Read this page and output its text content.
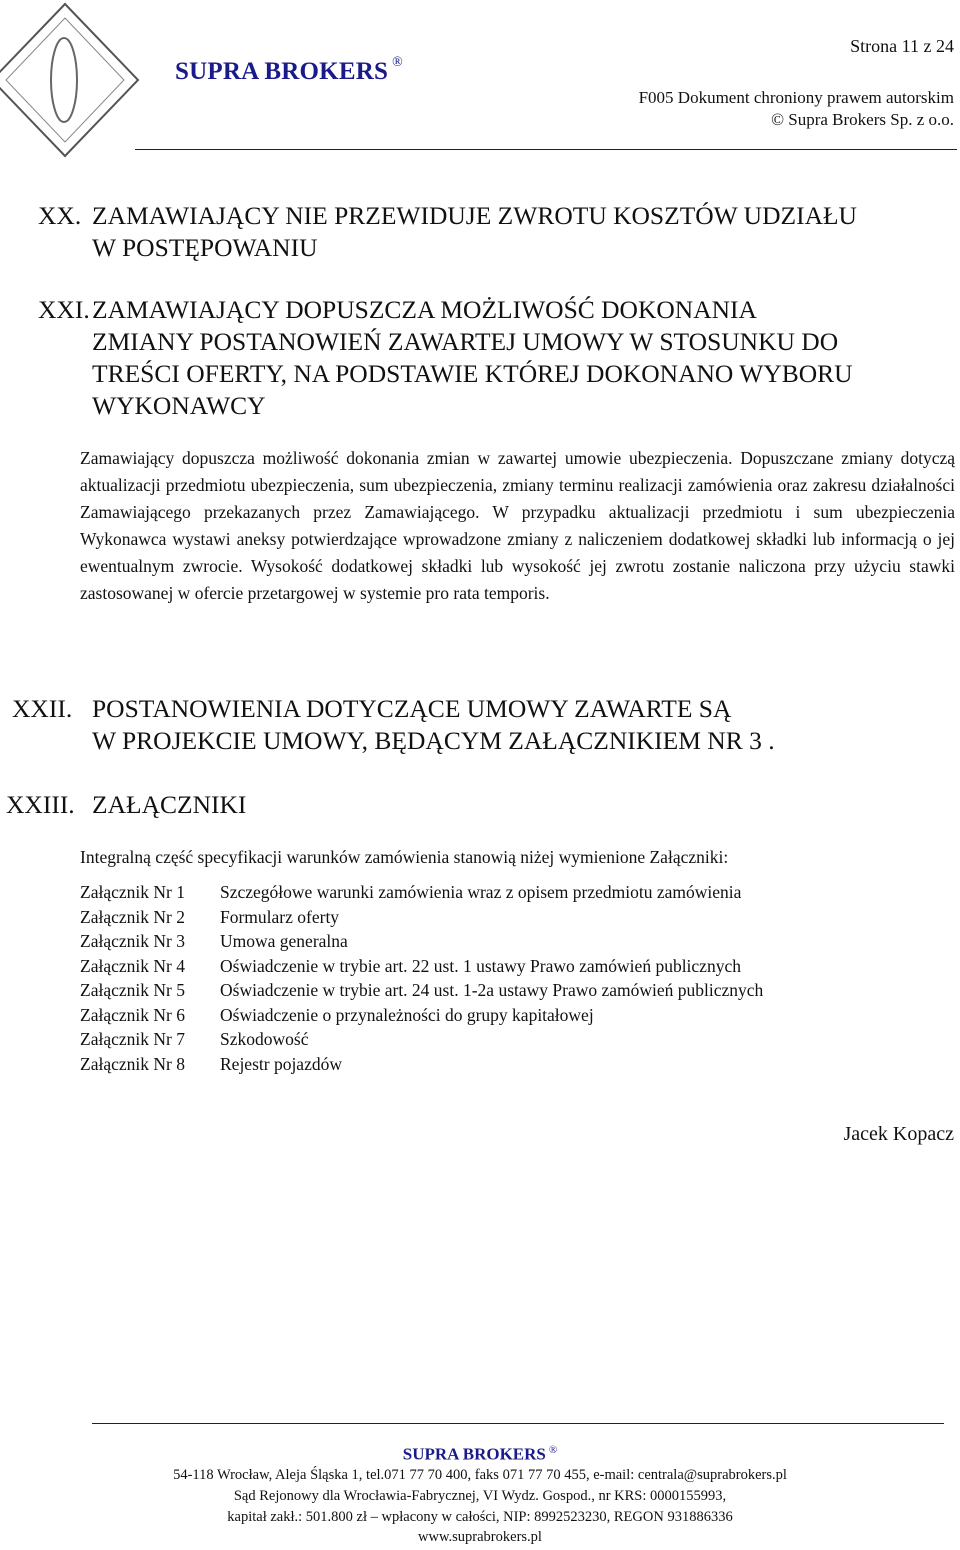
SUPRA BROKERS ®
Strona 11 z 24
F005 Dokument chroniony prawem autorskim
© Supra Brokers Sp. z o.o.
XX. ZAMAWIAJĄCY NIE PRZEWIDUJE ZWROTU KOSZTÓW UDZIAŁU
W POSTĘPOWANIU
XXI. ZAMAWIAJĄCY DOPUSZCZA MOŻLIWOŚĆ DOKONANIA
ZMIANY POSTANOWIEŃ ZAWARTEJ UMOWY W STOSUNKU DO
TREŚCI OFERTY, NA PODSTAWIE KTÓREJ DOKONANO WYBORU
WYKONAWCY
Zamawiający dopuszcza możliwość dokonania zmian w zawartej umowie ubezpieczenia. Dopuszczane zmiany dotyczą aktualizacji przedmiotu ubezpieczenia, sum ubezpieczenia, zmiany terminu realizacji zamówienia oraz zakresu działalności Zamawiającego przekazanych przez Zamawiającego. W przypadku aktualizacji przedmiotu i sum ubezpieczenia Wykonawca wystawi aneksy potwierdzające wprowadzone zmiany z naliczeniem dodatkowej składki lub informacją o jej ewentualnym zwrocie. Wysokość dodatkowej składki lub wysokość jej zwrotu zostanie naliczona przy użyciu stawki zastosowanej w ofercie przetargowej w systemie pro rata temporis.
XXII. POSTANOWIENIA DOTYCZĄCE UMOWY ZAWARTE SĄ
W PROJEKCIE UMOWY, BĘDĄCYM ZAŁĄCZNIKIEM NR 3 .
XXIII. ZAŁĄCZNIKI
Integralną część specyfikacji warunków zamówienia stanowią niżej wymienione Załączniki:
Załącznik Nr 1 Szczegółowe warunki zamówienia wraz z opisem przedmiotu zamówienia
Załącznik Nr 2 Formularz oferty
Załącznik Nr 3 Umowa generalna
Załącznik Nr 4 Oświadczenie w trybie art. 22 ust. 1 ustawy Prawo zamówień publicznych
Załącznik Nr 5 Oświadczenie w trybie art. 24 ust. 1-2a ustawy Prawo zamówień publicznych
Załącznik Nr 6 Oświadczenie o przynależności do grupy kapitałowej
Załącznik Nr 7 Szkodowość
Załącznik Nr 8 Rejestr pojazdów
Jacek Kopacz
SUPRA BROKERS ®
54-118 Wrocław, Aleja Śląska 1, tel.071 77 70 400, faks 071 77 70 455, e-mail: centrala@suprabrokers.pl
Sąd Rejonowy dla Wrocławia-Fabrycznej, VI Wydz. Gospod., nr KRS: 0000155993,
kapitał zakł.: 501.800 zł – wpłacony w całości, NIP: 8992523230, REGON 931886336
www.suprabrokers.pl
